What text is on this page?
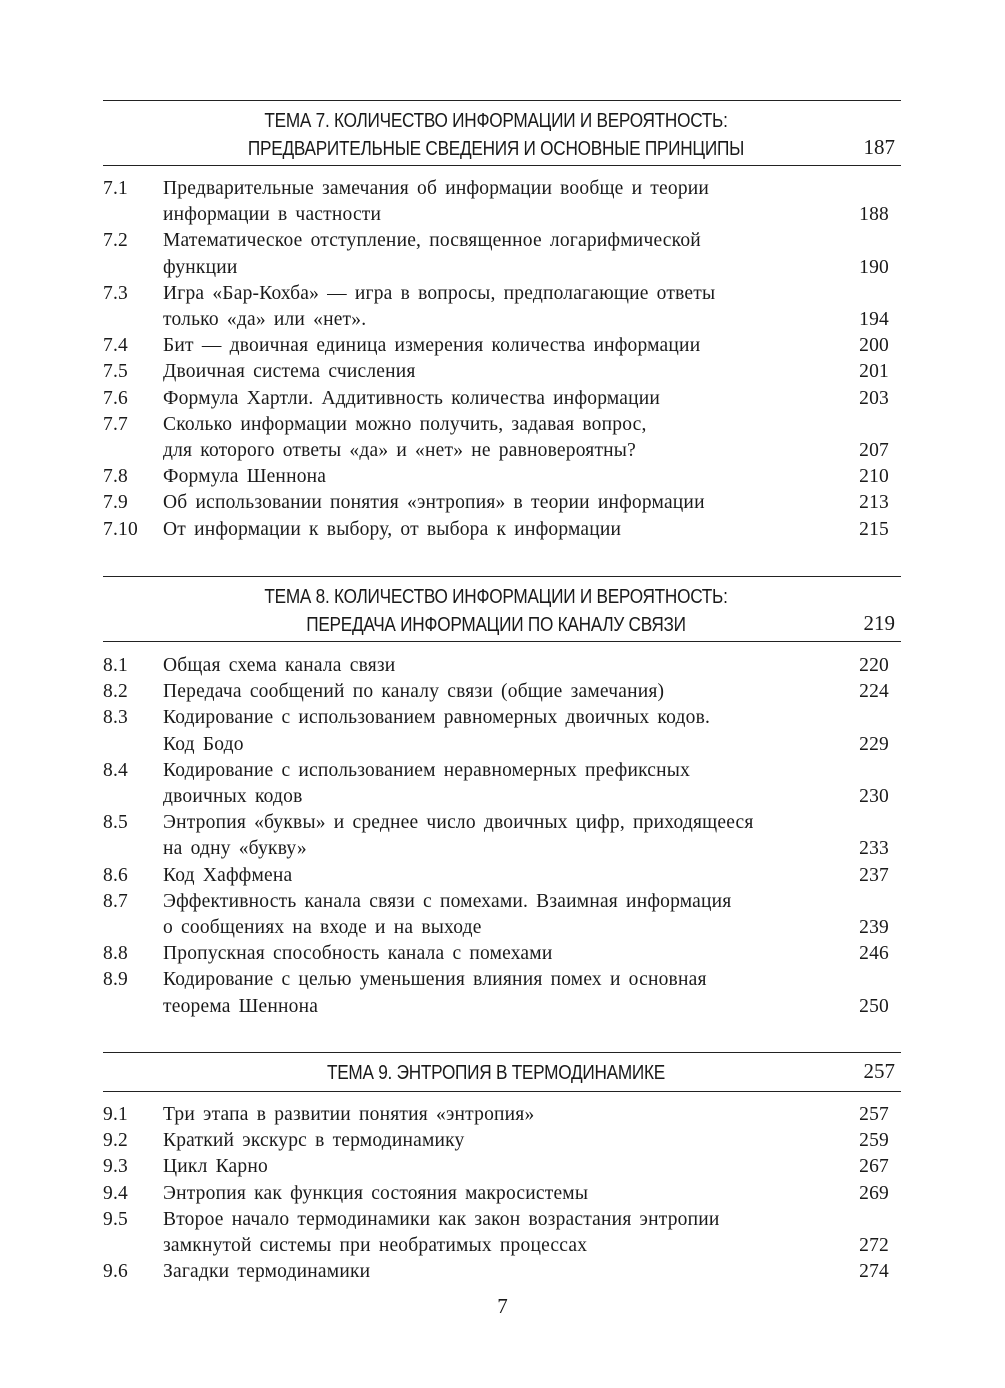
ТЕМА 7. КОЛИЧЕСТВО ИНФОРМАЦИИ И ВЕРОЯТНОСТЬ:
ПРЕДВАРИТЕЛЬНЫЕ СВЕДЕНИЯ И ОСНОВНЫЕ ПРИНЦИПЫ	187
7.1	Предварительные замечания об информации вообще и теории
информации в частности	188
7.2	Математическое отступление, посвященное логарифмической
функции	190
7.3	Игра «Бар-Кохба» — игра в вопросы, предполагающие ответы
только «да» или «нет».	194
7.4	Бит — двоичная единица измерения количества информации	200
7.5	Двоичная система счисления	201
7.6	Формула Хартли. Аддитивность количества информации	203
7.7	Сколько информации можно получить, задавая вопрос,
для которого ответы «да» и «нет» не равновероятны?	207
7.8	Формула Шеннона	210
7.9	Об использовании понятия «энтропия» в теории информации	213
7.10	От информации к выбору, от выбора к информации	215
ТЕМА 8. КОЛИЧЕСТВО ИНФОРМАЦИИ И ВЕРОЯТНОСТЬ:
ПЕРЕДАЧА ИНФОРМАЦИИ ПО КАНАЛУ СВЯЗИ	219
8.1	Общая схема канала связи	220
8.2	Передача сообщений по каналу связи (общие замечания)	224
8.3	Кодирование с использованием равномерных двоичных кодов.
Код Бодо	229
8.4	Кодирование с использованием неравномерных префиксных
двоичных кодов	230
8.5	Энтропия «буквы» и среднее число двоичных цифр, приходящееся
на одну «букву»	233
8.6	Код Хаффмена	237
8.7	Эффективность канала связи с помехами. Взаимная информация
о сообщениях на входе и на выходе	239
8.8	Пропускная способность канала с помехами	246
8.9	Кодирование с целью уменьшения влияния помех и основная
теорема Шеннона	250
ТЕМА 9. ЭНТРОПИЯ В ТЕРМОДИНАМИКЕ	257
9.1	Три этапа в развитии понятия «энтропия»	257
9.2	Краткий экскурс в термодинамику	259
9.3	Цикл Карно	267
9.4	Энтропия как функция состояния макросистемы	269
9.5	Второе начало термодинамики как закон возрастания энтропии
замкнутой системы при необратимых процессах	272
9.6	Загадки термодинамики	274
7
